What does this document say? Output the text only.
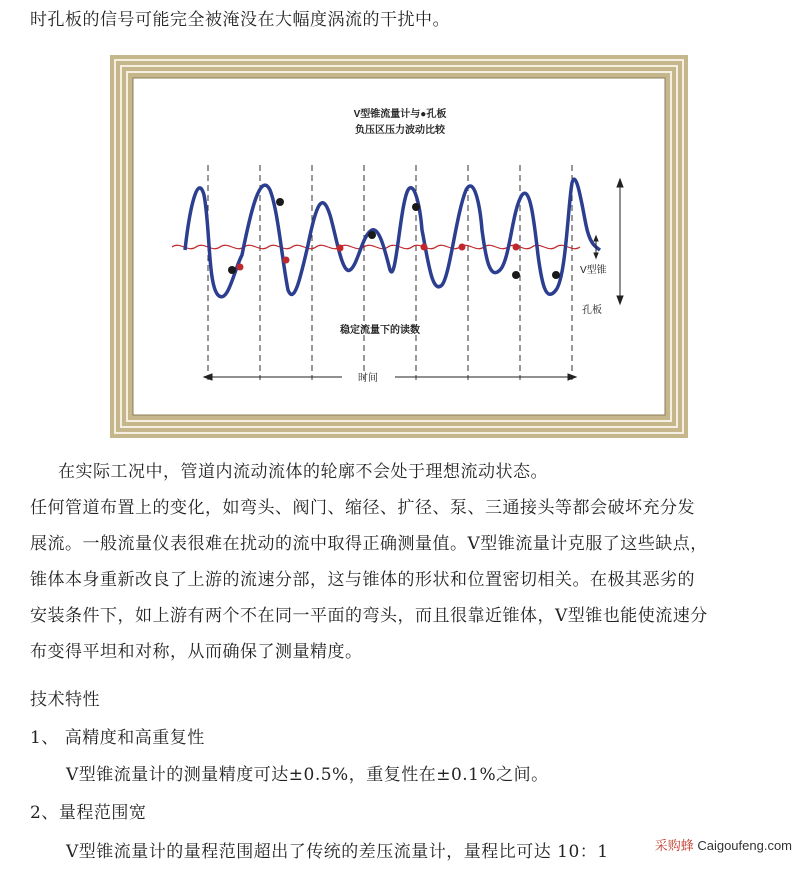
时孔板的信号可能完全被淹没在大幅度涡流的干扰中。
V型锥流量计与●孔板
负压区压力波动比较
V型锥
孔板
稳定流量下的读数
时间
在实际工况中，管道内流动流体的轮廓不会处于理想流动状态。
任何管道布置上的变化，如弯头、阀门、缩径、扩径、泵、三通接头等都会破坏充分发
展流。一般流量仪表很难在扰动的流中取得正确测量值。V型锥流量计克服了这些缺点，
锥体本身重新改良了上游的流速分部，这与锥体的形状和位置密切相关。在极其恶劣的
安装条件下，如上游有两个不在同一平面的弯头，而且很靠近锥体，V型锥也能使流速分
布变得平坦和对称，从而确保了测量精度。
技术特性
1、 高精度和高重复性
V型锥流量计的测量精度可达±0.5%，重复性在±0.1%之间。
2、量程范围宽
V型锥流量计的量程范围超出了传统的差压流量计，量程比可达 10：1	采购蜂 Caigoufeng.com
